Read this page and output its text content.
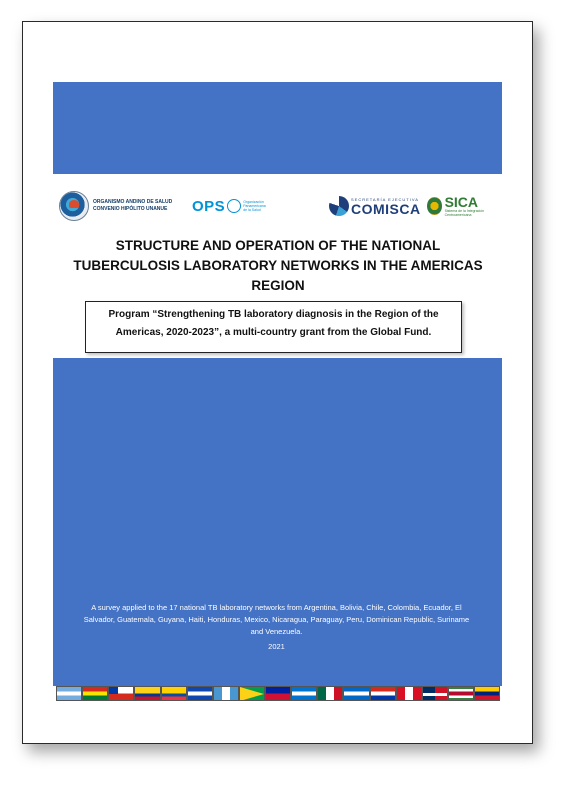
ORGANISMO ANDINO DE SALUD
CONVENIO HIPÓLITO UNANUE	OPS	Organización Panamericana de la Salud
SECRETARÍA EJECUTIVA
COMISCA SICA
Sistema de la Integración Centroamericana
STRUCTURE AND OPERATION OF THE NATIONAL TUBERCULOSIS LABORATORY NETWORKS IN THE AMERICAS REGION

Program “Strengthening TB laboratory diagnosis in the Region of the Americas, 2020-2023”, a multi-country grant from the Global Fund.

A survey applied to the 17 national TB laboratory networks from Argentina, Bolivia, Chile, Colombia, Ecuador, El Salvador, Guatemala, Guyana, Haiti, Honduras, Mexico, Nicaragua, Paraguay, Peru, Dominican Republic, Suriname and Venezuela.
2021
